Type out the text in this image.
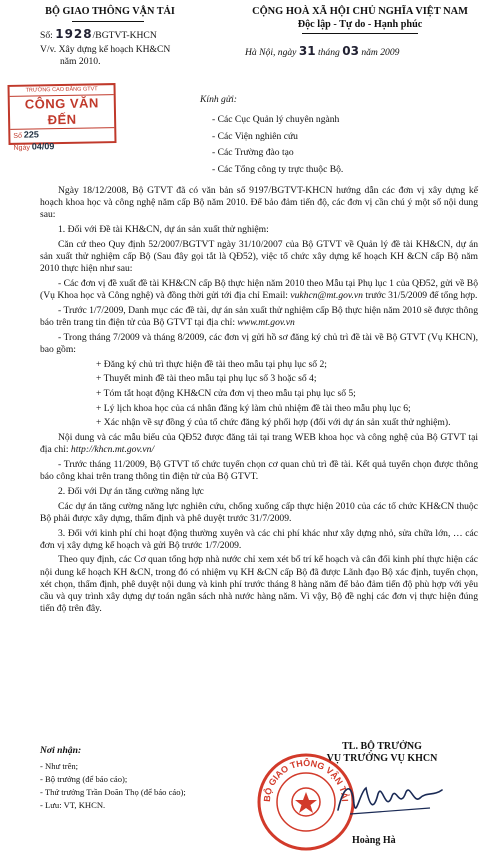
BỘ GIAO THÔNG VẬN TẢI
Số: 1928/BGTVT-KHCN
V/v. Xây dựng kế hoạch KH&CN
năm 2010.
CỘNG HOÀ XÃ HỘI CHỦ NGHĨA VIỆT NAM
Độc lập - Tự do - Hạnh phúc
Hà Nội, ngày 31 tháng 03 năm 2009
TRƯỜNG CAO ĐẲNG GTVT
CÔNG VĂN ĐẾN
Số 225
Ngày 04/09
Kính gửi:
- Các Cục Quản lý chuyên ngành
- Các Viện nghiên cứu
- Các Trường đào tạo
- Các Tổng công ty trực thuộc Bộ.

Ngày 18/12/2008, Bộ GTVT đã có văn bản số 9197/BGTVT-KHCN hướng dẫn các đơn vị xây dựng kế hoạch khoa học và công nghệ năm cấp Bộ năm 2010. Để bảo đảm tiến độ, các đơn vị cần chú ý một số nội dung sau:

1. Đối với Đề tài KH&CN, dự án sản xuất thử nghiệm:

Căn cứ theo Quy định 52/2007/BGTVT ngày 31/10/2007 của Bộ GTVT về Quản lý đề tài KH&CN, dự án sản xuất thử nghiệm cấp Bộ (Sau đây gọi tắt là QĐ52), việc tổ chức xây dựng kế hoạch KH &CN cấp Bộ năm 2010 thực hiện như sau:

- Các đơn vị đề xuất đề tài KH&CN cấp Bộ thực hiện năm 2010 theo Mẫu tại Phụ lục 1 của QĐ52, gửi về Bộ (Vụ Khoa học và Công nghệ) và đồng thời gửi tới địa chỉ Email: vukhcn@mt.gov.vn trước 31/5/2009 để tổng hợp.

- Trước 1/7/2009, Danh mục các đề tài, dự án sản xuất thử nghiệm cấp Bộ thực hiện năm 2010 sẽ được thông báo trên trang tin điện tử của Bộ GTVT tại địa chỉ: www.mt.gov.vn

- Trong tháng 7/2009 và tháng 8/2009, các đơn vị gửi hồ sơ đăng ký chủ trì đề tài về Bộ GTVT (Vụ KHCN), bao gồm:

+ Đăng ký chủ trì thực hiện đề tài theo mẫu tại phụ lục số 2;

+ Thuyết minh đề tài theo mẫu tại phụ lục số 3 hoặc số 4;

+ Tóm tắt hoạt động KH&CN cửa đơn vị theo mẫu tại phụ lục số 5;

+ Lý lịch khoa học của cá nhân đăng ký làm chủ nhiệm đề tài theo mẫu phụ lục 6;

+ Xác nhận về sự đồng ý của tổ chức đăng ký phối hợp (đối với dự án sản xuất thử nghiệm).

Nội dung và các mẫu biểu của QĐ52 được đăng tải tại trang WEB khoa học và công nghệ của Bộ GTVT tại địa chỉ: http://khcn.mt.gov.vn/

- Trước tháng 11/2009, Bộ GTVT tổ chức tuyển chọn cơ quan chủ trì đề tài. Kết quả tuyển chọn được thông báo công khai trên trang thông tin điện tử của Bộ GTVT.

2. Đối với Dự án tăng cường năng lực

Các dự án tăng cường năng lực nghiên cứu, chống xuống cấp thực hiện 2010 của các tổ chức KH&CN thuộc Bộ phải được xây dựng, thẩm định và phê duyệt trước 31/7/2009.

3. Đối với kinh phí chi hoạt động thường xuyên và các chi phí khác như xây dựng nhỏ, sửa chữa lớn, … các đơn vị xây dựng kế hoạch và gửi Bộ trước 1/7/2009.

Theo quy định, các Cơ quan tổng hợp nhà nước chỉ xem xét bố trí kế hoạch và cân đối kinh phí thực hiện các nội dung kế hoạch KH &CN, trong đó có nhiệm vụ KH &CN cấp Bộ đã được Lãnh đạo Bộ xác định, tuyển chọn, xét chọn, thẩm định, phê duyệt nội dung và kinh phí trước tháng 8 hàng năm để bảo đảm tiến độ phù hợp với yêu cầu và quy trình xây dựng dự toán ngân sách nhà nước hàng năm. Vì vậy, Bộ đề nghị các đơn vị thực hiện đúng tiến độ trên đây.

Nơi nhận:
- Như trên;
- Bộ trưởng (để báo cáo);
- Thứ trưởng Trần Doãn Thọ (để báo cáo);
- Lưu: VT, KHCN.
BỘ GIAO THÔNG VẬN TẢI
TL. BỘ TRƯỞNG
VỤ TRƯỞNG VỤ KHCN
Hoàng Hà
